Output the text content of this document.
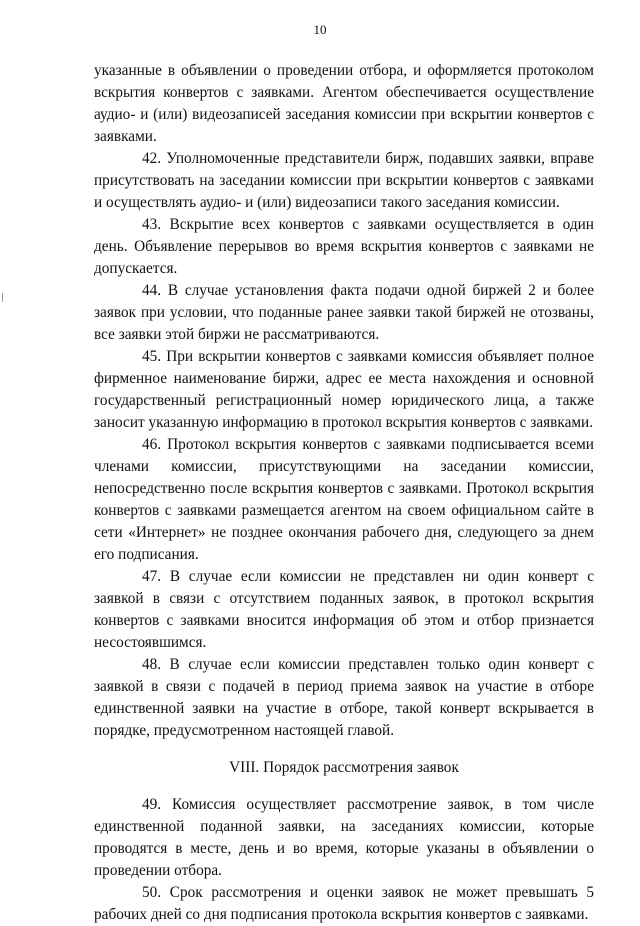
10

указанные в объявлении о проведении отбора, и оформляется протоколом вскрытия конвертов с заявками. Агентом обеспечивается осуществление аудио- и (или) видеозаписей заседания комиссии при вскрытии конвертов с заявками.

42. Уполномоченные представители бирж, подавших заявки, вправе присутствовать на заседании комиссии при вскрытии конвертов с заявками и осуществлять аудио- и (или) видеозаписи такого заседания комиссии.

43. Вскрытие всех конвертов с заявками осуществляется в один день. Объявление перерывов во время вскрытия конвертов с заявками не допускается.

44. В случае установления факта подачи одной биржей 2 и более заявок при условии, что поданные ранее заявки такой биржей не отозваны, все заявки этой биржи не рассматриваются.

45. При вскрытии конвертов с заявками комиссия объявляет полное фирменное наименование биржи, адрес ее места нахождения и основной государственный регистрационный номер юридического лица, а также заносит указанную информацию в протокол вскрытия конвертов с заявками.

46. Протокол вскрытия конвертов с заявками подписывается всеми членами комиссии, присутствующими на заседании комиссии, непосредственно после вскрытия конвертов с заявками. Протокол вскрытия конвертов с заявками размещается агентом на своем официальном сайте в сети «Интернет» не позднее окончания рабочего дня, следующего за днем его подписания.

47. В случае если комиссии не представлен ни один конверт с заявкой в связи с отсутствием поданных заявок, в протокол вскрытия конвертов с заявками вносится информация об этом и отбор признается несостоявшимся.

48. В случае если комиссии представлен только один конверт с заявкой в связи с подачей в период приема заявок на участие в отборе единственной заявки на участие в отборе, такой конверт вскрывается в порядке, предусмотренном настоящей главой.

VIII. Порядок рассмотрения заявок

49. Комиссия осуществляет рассмотрение заявок, в том числе единственной поданной заявки, на заседаниях комиссии, которые проводятся в месте, день и во время, которые указаны в объявлении о проведении отбора.

50. Срок рассмотрения и оценки заявок не может превышать 5 рабочих дней со дня подписания протокола вскрытия конвертов с заявками.
